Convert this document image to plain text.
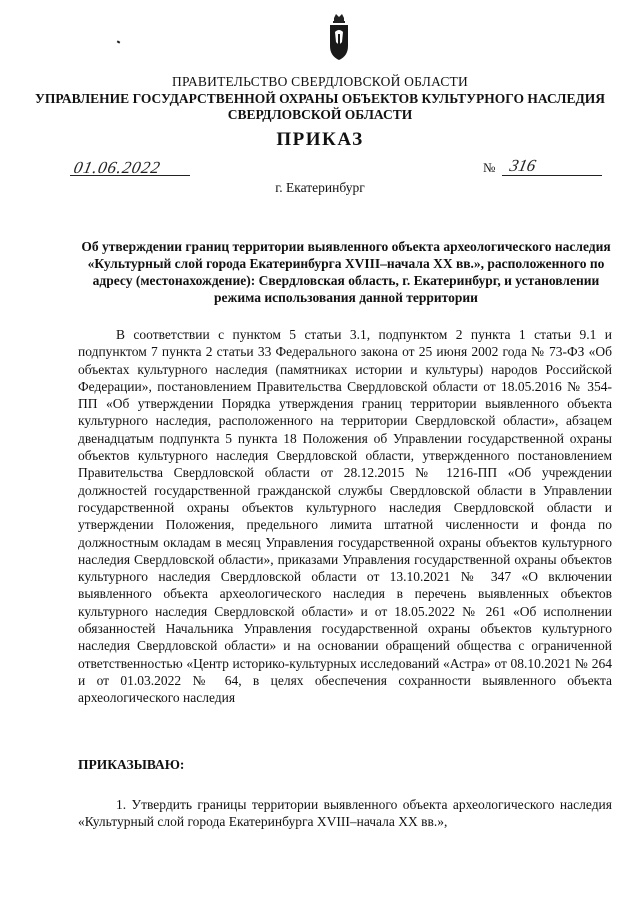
ПРАВИТЕЛЬСТВО СВЕРДЛОВСКОЙ ОБЛАСТИ
УПРАВЛЕНИЕ ГОСУДАРСТВЕННОЙ ОХРАНЫ ОБЪЕКТОВ КУЛЬТУРНОГО НАСЛЕДИЯ СВЕРДЛОВСКОЙ ОБЛАСТИ
ПРИКАЗ
01.06.2022	№ 316
г. Екатеринбург
Об утверждении границ территории выявленного объекта археологического наследия «Культурный слой города Екатеринбурга XVIII–начала XX вв.», расположенного по адресу (местонахождение): Свердловская область, г. Екатеринбург, и установлении режима использования данной территории
В соответствии с пунктом 5 статьи 3.1, подпунктом 2 пункта 1 статьи 9.1 и подпунктом 7 пункта 2 статьи 33 Федерального закона от 25 июня 2002 года № 73-ФЗ «Об объектах культурного наследия (памятниках истории и культуры) народов Российской Федерации», постановлением Правительства Свердловской области от 18.05.2016 № 354-ПП «Об утверждении Порядка утверждения границ территории выявленного объекта культурного наследия, расположенного на территории Свердловской области», абзацем двенадцатым подпункта 5 пункта 18 Положения об Управлении государственной охраны объектов культурного наследия Свердловской области, утвержденного постановлением Правительства Свердловской области от 28.12.2015 № 1216-ПП «Об учреждении должностей государственной гражданской службы Свердловской области в Управлении государственной охраны объектов культурного наследия Свердловской области и утверждении Положения, предельного лимита штатной численности и фонда по должностным окладам в месяц Управления государственной охраны объектов культурного наследия Свердловской области», приказами Управления государственной охраны объектов культурного наследия Свердловской области от 13.10.2021 № 347 «О включении выявленного объекта археологического наследия в перечень выявленных объектов культурного наследия Свердловской области» и от 18.05.2022 № 261 «Об исполнении обязанностей Начальника Управления государственной охраны объектов культурного наследия Свердловской области» и на основании обращений общества с ограниченной ответственностью «Центр историко-культурных исследований «Астра» от 08.10.2021 № 264 и от 01.03.2022 № 64, в целях обеспечения сохранности выявленного объекта археологического наследия
ПРИКАЗЫВАЮ:
1. Утвердить границы территории выявленного объекта археологического наследия «Культурный слой города Екатеринбурга XVIII–начала XX вв.»,
